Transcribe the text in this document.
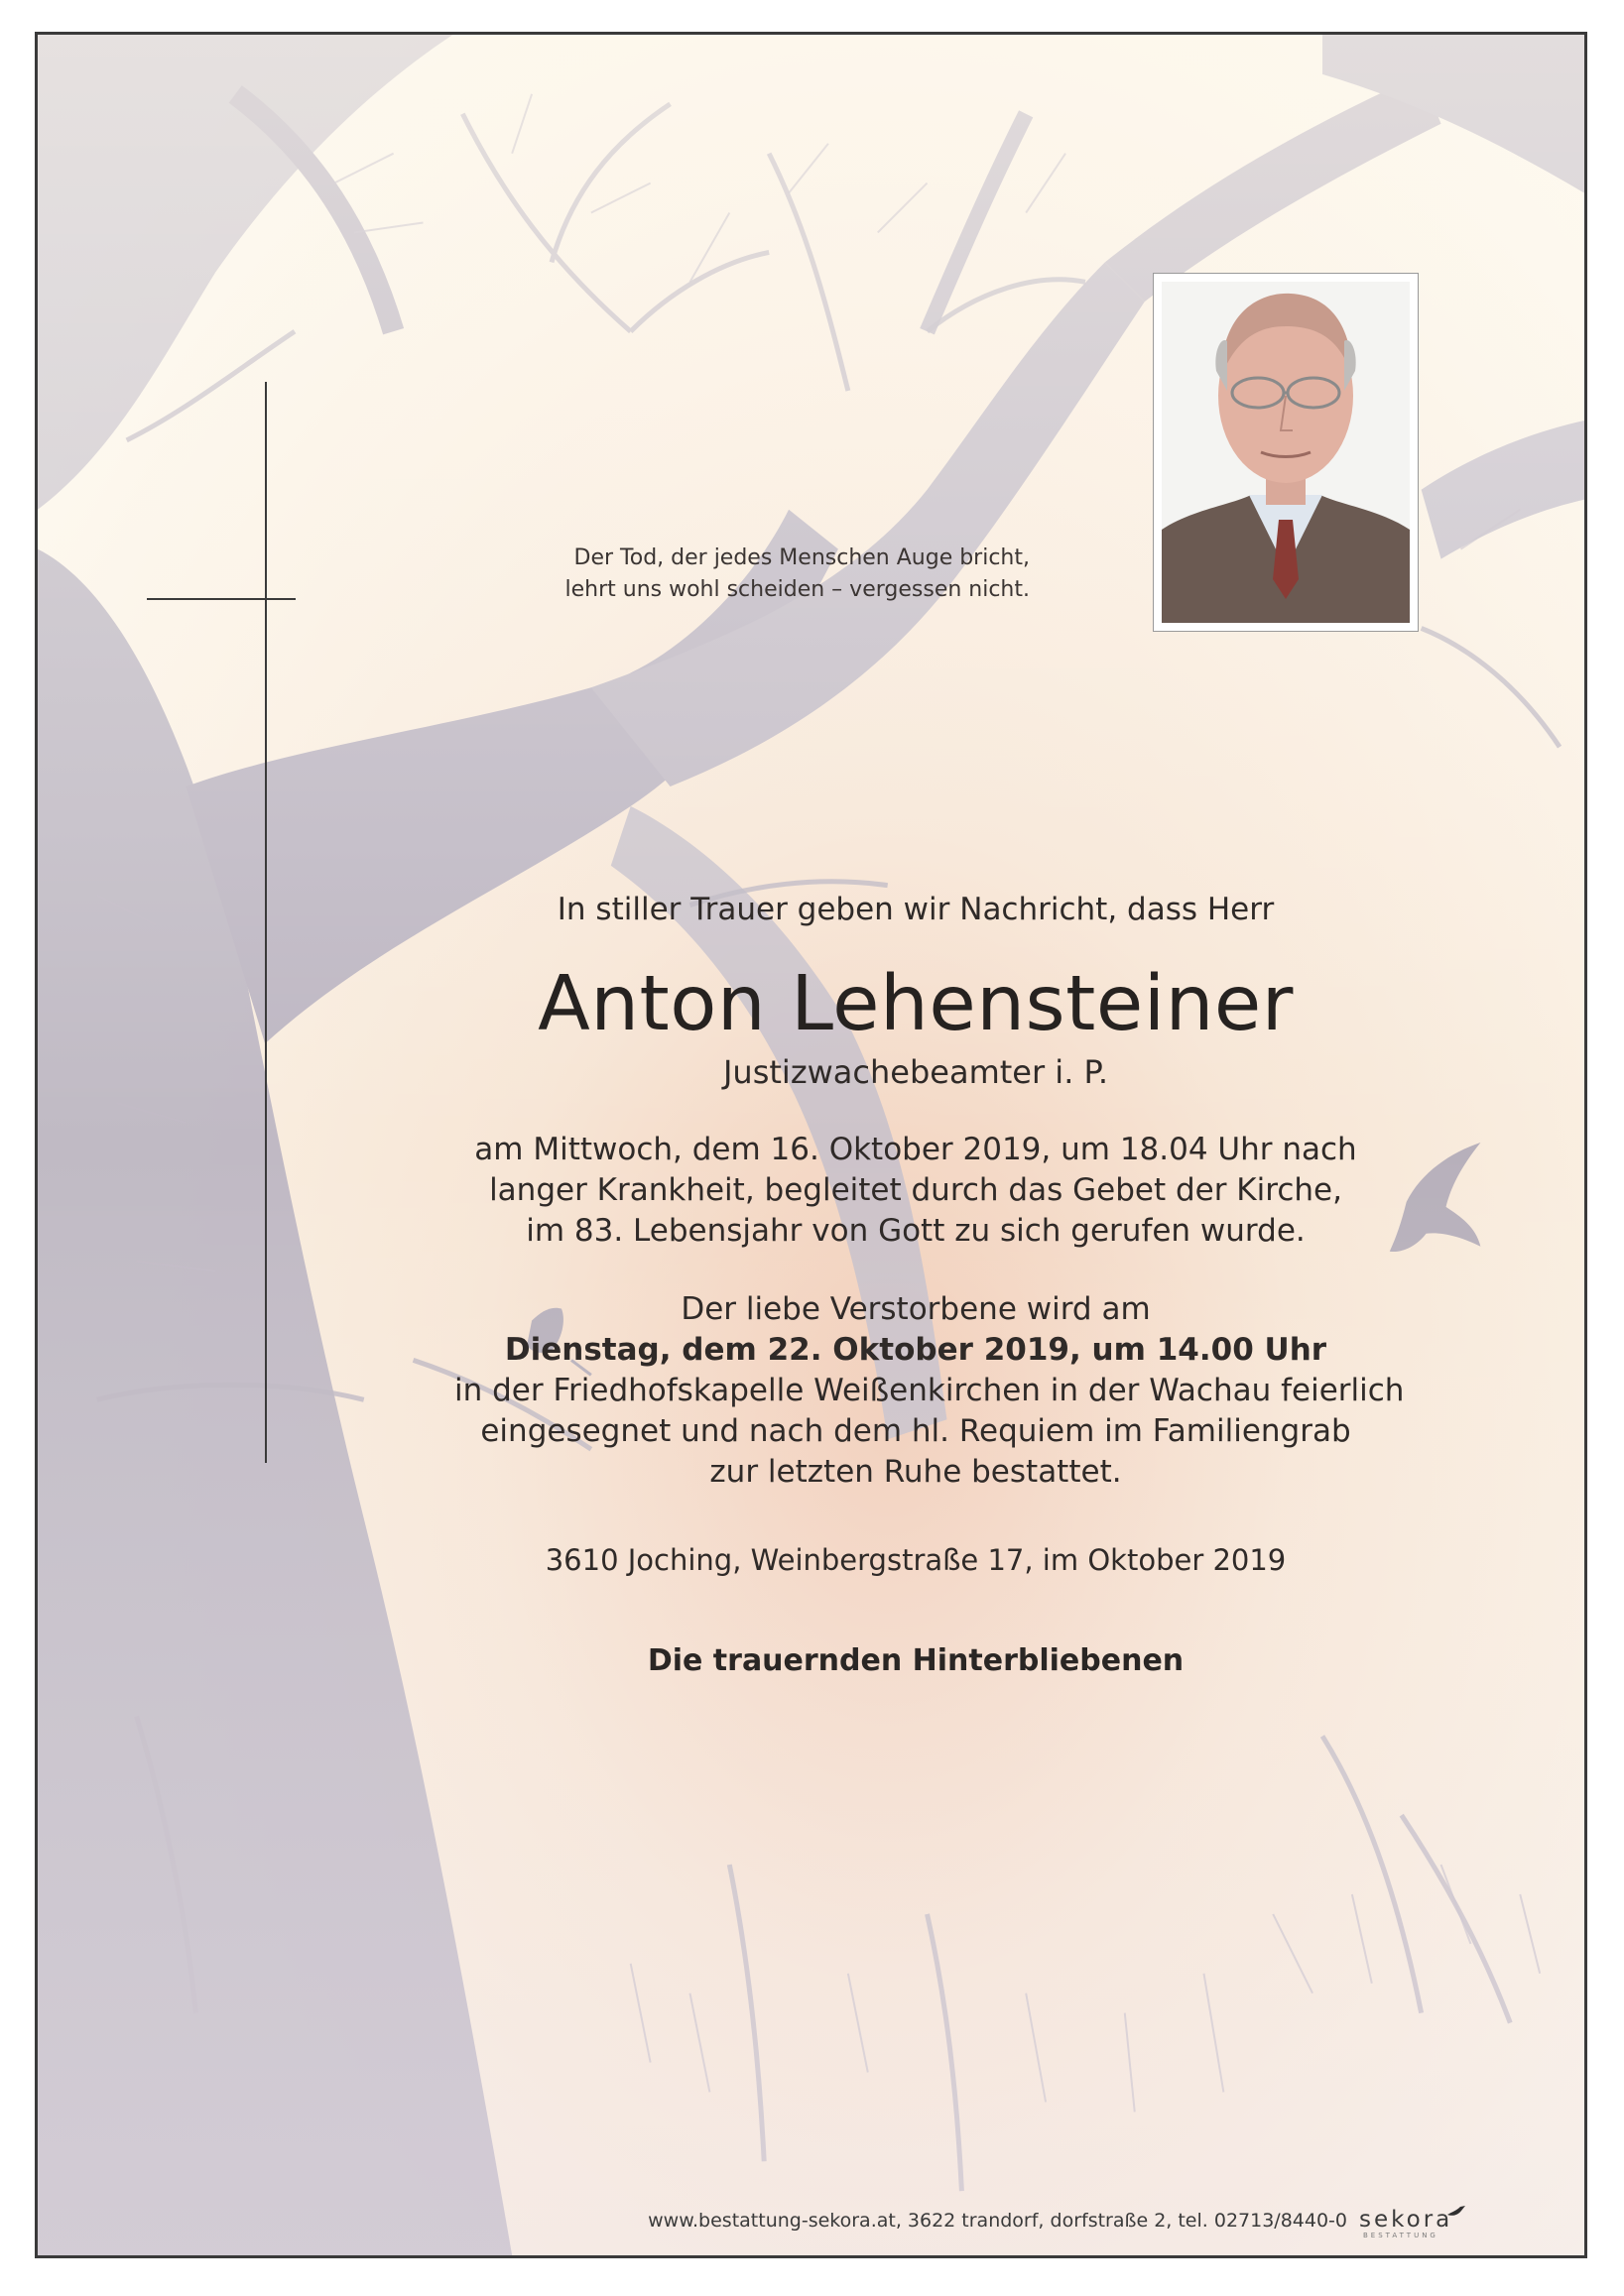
Der Tod, der jedes Menschen Auge bricht,
lehrt uns wohl scheiden – vergessen nicht.

In stiller Trauer geben wir Nachricht, dass Herr

Anton Lehensteiner
Justizwachebeamter i. P.
am Mittwoch, dem 16. Oktober 2019, um 18.04 Uhr nach
langer Krankheit, begleitet durch das Gebet der Kirche,
im 83. Lebensjahr von Gott zu sich gerufen wurde.
Der liebe Verstorbene wird am
Dienstag, dem 22. Oktober 2019, um 14.00 Uhr
in der Friedhofskapelle Weißenkirchen in der Wachau feierlich
eingesegnet und nach dem hl. Requiem im Familiengrab
zur letzten Ruhe bestattet.
3610 Joching, Weinbergstraße 17, im Oktober 2019
Die trauernden Hinterbliebenen
www.bestattung-sekora.at, 3622 trandorf, dorfstraße 2, tel. 02713/8440-0 sekora
BESTATTUNG
